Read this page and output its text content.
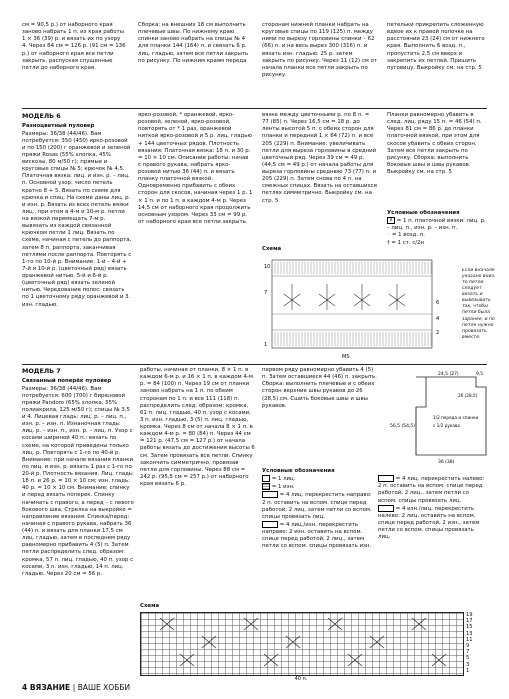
см = 90,5 р.) от наборного края заново набрать 1 п. из края работы 1 × 36 (39) р. и вязать их по узору 4. Через 84 см = 126 р. (91 см = 136 р.) от наборного края все петли закрыть, распуская спущенные петли до наборного края.

Сборка: на внешних 18 см выполнить плечевые швы. По нижнему краю спинки заново набрать на спицы № 4 для планки 144 (164) п. и связать 6 р. лиц. гладью, затем все петли закрыть по рисунку. По нижним краям переда

сторонам нижней планки набрать на круговые спицы по 119 (125) п. между ними по вырезу горловины спинки – 62 (66) п. и на весь вырез 300 (316) п. и вязать изн. гладью. 25 р. затем закрыть по рисунку. Через 11 (12) см от начала планки все петли закрыть по рисунку.

петельки прикрепить сложенную вдвое их к правой полочке на расстоянии 23 (24) см от нижнего края. Выполнить 6 возд. п., пропустить 2,5 см вверх и закрепить их петлей. Пришить пуговицу. Выкройку см. на стр. 5

МОДЕЛЬ 6

Разноцветный пуловер

Размеры: 36/38 (44/46). Вам потребуется: 350 (450) ярко-розовой и по 150 (200) г оранжевой и зеленой пряжи Rosas (55% хлопка, 45% вискозы, 80 м/50 г); прямые и круговые спицы № 5; крючок № 4,5. Платочная вязка: лиц. и изн. р. – лиц. п. Основной узор: число петель кратно 8 + 5. Вязать по схеме для крючка и спиц. На схеме даны лиц. р. и изн. р. Вязать из всех петель вязки лиц., при этом в 4-м и 10-м р. петли на вязкой перемещать 7-м р. вывязать из каждой связанной крючком петли 1 лиц. Вязать по схеме, начиная с петель до раппорта, затем 8 п. раппорта, заканчивая петлями после раппорта. Повторять с 1-го по 10-й р. Внимание: 1-й – 4-й + 7-й и 10-й р. (цветочный ряд) вязать оранжевой нитью, 5-й и 6-й р. (цветочный ряд) вязать зеленой нитью. Чередование полос: связать по 1 цветочному ряду оранжевой и 3. изн. гладью.

ярко-розовой, * оранжевой, ярко-розовой, зеленой, ярко-розовой, повторять от * 1 раз, оранжевой ниткой ярко-розовой и 5 р. лиц. гладью + 144 цветочных рядов. Плотность вязания: Платочная вязка: 18 п. и 30 р. = 10 × 10 см. Описание работы: начав с правого рукава, набрать ярко-розовой нитью 36 (44) п. и вязать планку платочной вязкой. Одновременно прибавить с обеих сторон для скосов, начиная через 1 р. 1 × 1 п. и по 1 п. в каждом 4-м р. Через 14,5 см от наборного края продолжить основным узором. Через 33 см = 99 р. от наборного края все петли закрыть.

вязке между цветочными р. по 8 п. = 77 (85) п. Через 16,5 см = 18 р. до ленты высотой 5 п. с обеих сторон для планки и передней 1 × 64 (72) п. и все 205 (229) п. Внимание: увеличивать петли для выреза горловины в средний цветочный ряд. Через 39 см = 49 р. (44,5 см = 49 р.) от начала работы для выреза горловины среднюю 73 (77) п. и 205 (229) п. Затем снова по 4 п. на смежных спицах. Вязать на оставшихся петлях симметрично. Выкройку см. на стр. 5

Планки равномерно убавить в след. лиц. ряду 15 п. = 46 (54) п. Через 81 см = 86 р. до планки платочной вязкой, при этом для скосов убавить с обеих сторон. Затем все петли закрыть по рисунку. Сборка: выполнить боковые швы и швы рукавов. Выкройку см. на стр. 5

Условные обозначения

x = 1 п. платочной вязки: лиц. р. – лиц. п., изн. р. – изн. п.

◦ = 1 возд. п.

† = 1 ст. с/2н

Если вначале указано вниз, то петли следует вязать и вывязывать так, чтобы петли была заранее, и по петле нужно провязать вместе.

Схема
10
7
6
4
2
1
MS
МОДЕЛЬ 7

Связанный поперёк пуловер

Размеры: 36/38 (44/46). Вам потребуется: 600 (700) г бирюзовой пряжи Pandoro (65% хлопка, 35% полиакрила, 125 м/50 г); спицы № 3,5 и 4. Лицевая гладь: лиц. р. – лиц. п., изн. р. – изн. п. Изнаночная гладь: лиц. р. – изн. п., изн. р. – лиц. п. Узор с косами шириной 40 п.: вязать по схеме, на которой приведены только лиц. р. Повторять с 1-го по 40-й р. Внимание: при начале вязания планки по лиц. и изн. р. вязать 1 раз с 1-го по 20-й р. Плотность вязания. Лиц. гладь: 18 п. и 26 р. = 10 × 10 см; изн. гладь: 40 р. = 10 × 10 см. Внимание: спинку и перед вязать поперек. Спинку начинать с правого, а перед – с левого бокового шва. Стрелка на выкройке = направление вязания. Спинка/перед: начиная с правого рукава, набрать 36 (44) п. и вязать для планки 17,5 см лиц. гладью, затем в последнем ряду равномерно прибавить 4 (5) п. Затем петли распределить след. образом: кромка, 57 п. лиц. гладью, 40 п. узор с косами, 3 п. изн. гладью, 14 п. лиц. гладью. Через 20 см = 56 р.

работы, начиная от планки, 8 × 1 п. в каждом 6-м р. и 16 × 1 п. в каждом 4-м р. = 84 (100) п. Через 19 см от планки заново набрать на 1 п. по обеим сторонам по 1 п. и все 111 (118) п. распределить след. образом: кромка, 61 п. лиц. гладью, 40 п. узор с косами, 3 п. изн. гладью, 3 (5) п. лиц. гладью, кромка. Через 8 см от начала 8 × 1 п. в каждом 4-м р. = 80 (84) п. Через 44 см = 121 р. (47,5 см = 127 р.) от начала работы вязать до достижения высоты 6 см. Затем провязать все петли. Спинку закончить симметрично, провязав петли для горловины. Через 88 см = 242 р. (95,5 см = 257 р.) от наборного края вязать 6 р.

первом ряду равномерно убавить 4 (5) п. Затем оставшиеся 44 (46) п. закрыть. Сборка: выполнить плечевые и с обеих сторон верхние швы рукавов до 26 (28,5) см. Сшить боковые швы и швы рукавов.

24,5 (27)	9,5
56,5 (54,5)
36 (38)
1/2 переда и спинки
с 1/2 рукава
26 (28,5)

Условные обозначения

= 1 лиц.

= 1 изн.

= 4 лиц. перекрестить направо: 2 п. оставить на вспом. спице перед работой, 2 лиц. затем петли со вспом. спицы провязать лиц.

= 4 лиц./изн. перекрестить направо: 2 изн. оставить на вспом. спице перед работой, 2 лиц., затем петли со вспом. спицы провязать изн.

= 4 лиц. перекрестить налево: 2 п. оставить на вспом. спице перед работой, 2 лиц., затем петли со вспом. спицы провязать лиц.

= 4 изн./лиц. перекрестить налево: 2 лиц. оставить на вспом. спице перед работой, 2 изн., затем петли со вспом. спицы провязать лиц.

Схема
19
17
15
13
11
9
7
5
3
1
40 п.
4 ВЯЗАНИЕ | ВАШЕ ХОББИ
